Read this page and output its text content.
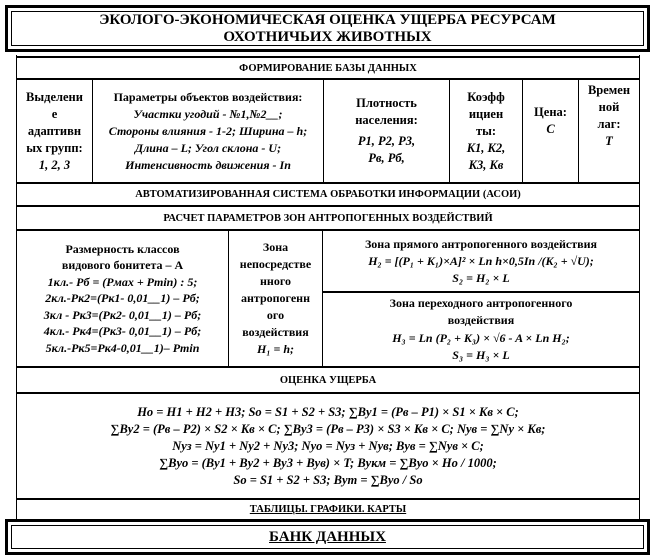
ЭКОЛОГО-ЭКОНОМИЧЕСКАЯ ОЦЕНКА УЩЕРБА РЕСУРСАМ
ОХОТНИЧЬИХ ЖИВОТНЫХ
ФОРМИРОВАНИЕ БАЗЫ ДАННЫХ
Выделени
е
адаптивн
ых групп:
1, 2, 3
Параметры объектов воздействия:
Участки угодий - №1,№2__;
Стороны влияния - 1-2; Ширина – h;
Длина – L; Угол склона - U;
Интенсивность движения - In
Плотность
населения:
P1, P2, P3,
Pв, Pб,
Коэфф
ициен
ты:
K1, K2,
K3, Kв
Цена:
C
Времен
ной
лаг:
T
АВТОМАТИЗИРОВАННАЯ СИСТЕМА ОБРАБОТКИ ИНФОРМАЦИИ (АСОИ)
РАСЧЕТ ПАРАМЕТРОВ ЗОН АНТРОПОГЕННЫХ ВОЗДЕЙСТВИЙ
Размерность классов
видового бонитета – А
1кл.- Pб = (Pмах + Pmin) : 5;
2кл.-Pк2=(Pк1- 0,01__1) – Pб;
3кл - Pк3=(Pк2- 0,01__1) – Pб;
4кл.- Pк4=(Pк3- 0,01__1) – Pб;
5кл.-Pк5=Pк4-0,01__1)– Pmin
Зона
непосредстве
нного
антропогенн
ого
воздействия
H₁ = h;
Зона прямого антропогенного воздействия
H₂ = [(P₁ + K₁)×A]² × Ln h×0,5In /(K₂ + √U);
S₂ = H₂ × L
Зона переходного антропогенного
воздействия
H₃ = Ln (P₂ + K₃) × √6 - A × Ln H₂;
S₃ = H₃ × L
ОЦЕНКА УЩЕРБА
Ho = H1 + H2 + H3; So = S1 + S2 + S3; ∑Вy1 = (Pв – P1) × S1 × Kв × C;
∑Вy2 = (Pв – P2) × S2 × Kв × C; ∑Вy3 = (Pв – P3) × S3 × Kв × C; Nyв = ∑Ny × Kв;
Nyз = Ny1 + Ny2 + Ny3; Nyo = Nyз + Nyв; Вyв = ∑Nyв × C;
∑Вyo = (Вy1 + Вy2 + Вy3 + Вyв) × T; Вyкм = ∑Вyo × Ho / 1000;
So = S1 + S2 + S3; Вyт = ∑Вyo / So
ТАБЛИЦЫ. ГРАФИКИ. КАРТЫ
БАНК ДАННЫХ
